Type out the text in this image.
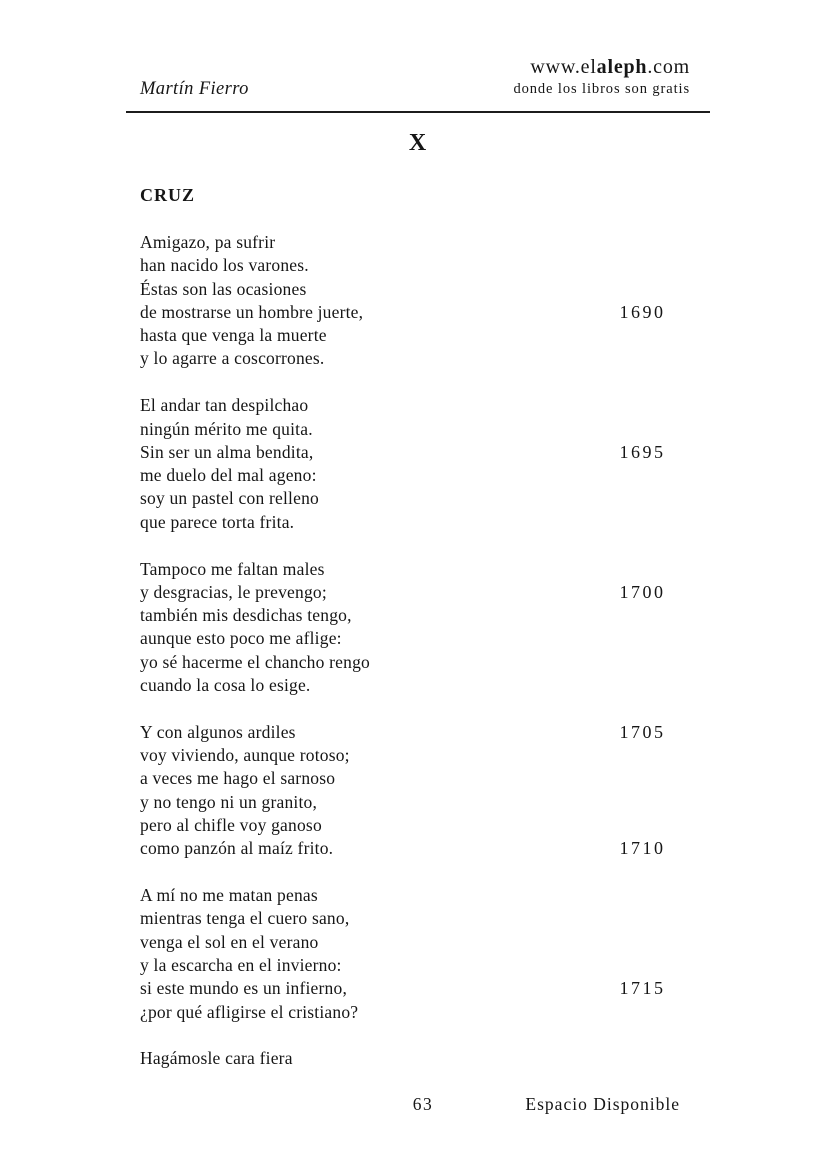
Martín Fierro
www.elaleph.com
donde los libros son gratis
X
CRUZ
Amigazo, pa sufrir
han nacido los varones.
Éstas son las ocasiones
de mostrarse un hombre juerte,	1690
hasta que venga la muerte
y lo agarre a coscorrones.
El andar tan despilchao
ningún mérito me quita.
Sin ser un alma bendita,	1695
me duelo del mal ageno:
soy un pastel con relleno
que parece torta frita.
Tampoco me faltan males
y desgracias, le prevengo;	1700
también mis desdichas tengo,
aunque esto poco me aflige:
yo sé hacerme el chancho rengo
cuando la cosa lo esige.
Y con algunos ardiles	1705
voy viviendo, aunque rotoso;
a veces me hago el sarnoso
y no tengo ni un granito,
pero al chifle voy ganoso
como panzón al maíz frito.	1710
A mí no me matan penas
mientras tenga el cuero sano,
venga el sol en el verano
y la escarcha en el invierno:
si este mundo es un infierno,	1715
¿por qué afligirse el cristiano?
Hagámosle cara fiera
63	Espacio Disponible
